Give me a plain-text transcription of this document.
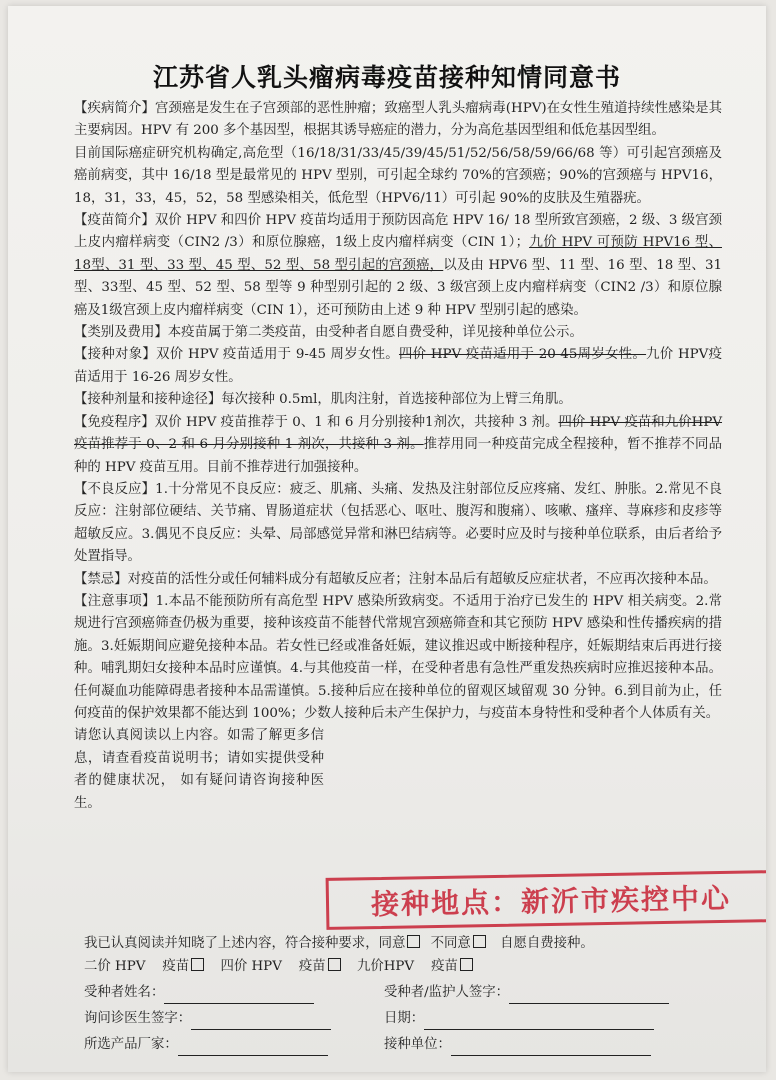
江苏省人乳头瘤病毒疫苗接种知情同意书

【疾病简介】宫颈癌是发生在子宫颈部的恶性肿瘤；致癌型人乳头瘤病毒(HPV)在女性生殖道持续性感染是其主要病因。HPV 有 200 多个基因型，根据其诱导癌症的潜力，分为高危基因型组和低危基因型组。

目前国际癌症研究机构确定,高危型（16/18/31/33/45/39/45/51/52/56/58/59/66/68 等）可引起宫颈癌及癌前病变，其中 16/18 型是最常见的 HPV 型别，可引起全球约 70%的宫颈癌；90%的宫颈癌与 HPV16，18，31，33，45，52，58 型感染相关，低危型（HPV6/11）可引起 90%的皮肤及生殖器疣。

【疫苗简介】双价 HPV 和四价 HPV 疫苗均适用于预防因高危 HPV 16/ 18 型所致宫颈癌，2 级、3 级宫颈上皮内瘤样病变（CIN2 /3）和原位腺癌，1级上皮内瘤样病变（CIN 1）；九价 HPV 可预防 HPV16 型、18型、31 型、33 型、45 型、52 型、58 型引起的宫颈癌，以及由 HPV6 型、11 型、16 型、18 型、31 型、33型、45 型、52 型、58 型等 9 种型别引起的 2 级、3 级宫颈上皮内瘤样病变（CIN2 /3）和原位腺癌及1级宫颈上皮内瘤样病变（CIN 1），还可预防由上述 9 种 HPV 型别引起的感染。

【类别及费用】本疫苗属于第二类疫苗，由受种者自愿自费受种，详见接种单位公示。

【接种对象】双价 HPV 疫苗适用于 9-45 周岁女性。四价 HPV 疫苗适用于 20-45周岁女性。九价 HPV疫苗适用于 16-26 周岁女性。

【接种剂量和接种途径】每次接种 0.5ml，肌肉注射，首选接种部位为上臂三角肌。

【免疫程序】双价 HPV 疫苗推荐于 0、1 和 6 月分别接种1剂次，共接种 3 剂。四价 HPV 疫苗和九价HPV 疫苗推荐于 0、2 和 6 月分别接种 1 剂次，共接种 3 剂。推荐用同一种疫苗完成全程接种，暂不推荐不同品种的 HPV 疫苗互用。目前不推荐进行加强接种。

【不良反应】1.十分常见不良反应：疲乏、肌痛、头痛、发热及注射部位反应疼痛、发红、肿胀。2.常见不良反应：注射部位硬结、关节痛、胃肠道症状（包括恶心、呕吐、腹泻和腹痛）、咳嗽、瘙痒、荨麻疹和皮疹等超敏反应。3.偶见不良反应：头晕、局部感觉异常和淋巴结病等。必要时应及时与接种单位联系，由后者给予处置指导。

【禁忌】对疫苗的活性分或任何辅料成分有超敏反应者；注射本品后有超敏反应症状者，不应再次接种本品。

【注意事项】1.本品不能预防所有高危型 HPV 感染所致病变。不适用于治疗已发生的 HPV 相关病变。2.常规进行宫颈癌筛查仍极为重要，接种该疫苗不能替代常规宫颈癌筛查和其它预防 HPV 感染和性传播疾病的措施。3.妊娠期间应避免接种本品。若女性已经或准备妊娠，建议推迟或中断接种程序，妊娠期结束后再进行接种。哺乳期妇女接种本品时应谨慎。4.与其他疫苗一样，在受种者患有急性严重发热疾病时应推迟接种本品。任何凝血功能障碍患者接种本品需谨慎。5.接种后应在接种单位的留观区域留观 30 分钟。6.到目前为止，任何疫苗的保护效果都不能达到 100%；少数人接种后未产生保护力，与疫苗本身特性和受种者个人体质有关。

请您认真阅读以上内容。如需了解更多信息，请查看疫苗说明书；请如实提供受种者的健康状况， 如有疑问请咨询接种医生。

接种地点：新沂市疾控中心
我已认真阅读并知晓了上述内容，符合接种要求，同意 不同意 自愿自费接种。
二价 HPV    疫苗 四价 HPV    疫苗 九价HPV    疫苗
受种者姓名：	受种者/监护人签字：
询问诊医生签字：	日期：
所选产品厂家：	接种单位：
